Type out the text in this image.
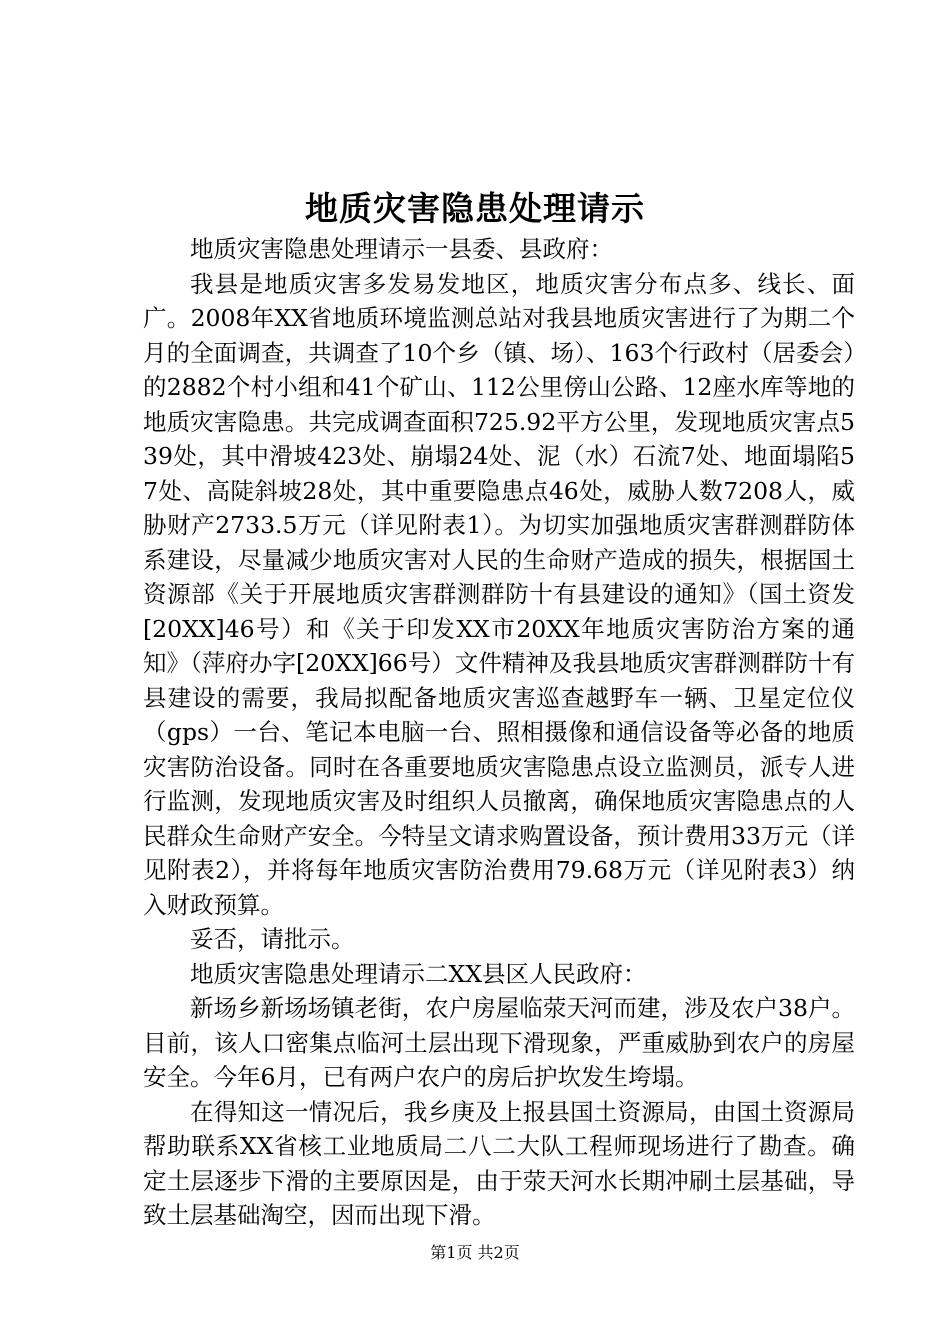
地质灾害隐患处理请示

地质灾害隐患处理请示一县委、县政府：

我县是地质灾害多发易发地区，地质灾害分布点多、线长、面广。2008年XX省地质环境监测总站对我县地质灾害进行了为期二个月的全面调查，共调查了10个乡（镇、场）、163个行政村（居委会）的2882个村小组和41个矿山、112公里傍山公路、12座水库等地的地质灾害隐患。共完成调查面积725.92平方公里，发现地质灾害点539处，其中滑坡423处、崩塌24处、泥（水）石流7处、地面塌陷57处、高陡斜坡28处，其中重要隐患点46处，威胁人数7208人，威胁财产2733.5万元（详见附表1）。为切实加强地质灾害群测群防体系建设，尽量减少地质灾害对人民的生命财产造成的损失，根据国土资源部《关于开展地质灾害群测群防十有县建设的通知》（国土资发[20XX]46号）和《关于印发XX市20XX年地质灾害防治方案的通知》（萍府办字[20XX]66号）文件精神及我县地质灾害群测群防十有县建设的需要，我局拟配备地质灾害巡查越野车一辆、卫星定位仪（gps）一台、笔记本电脑一台、照相摄像和通信设备等必备的地质灾害防治设备。同时在各重要地质灾害隐患点设立监测员，派专人进行监测，发现地质灾害及时组织人员撤离，确保地质灾害隐患点的人民群众生命财产安全。今特呈文请求购置设备，预计费用33万元（详见附表2），并将每年地质灾害防治费用79.68万元（详见附表3）纳入财政预算。

妥否，请批示。

地质灾害隐患处理请示二XX县区人民政府：

新场乡新场场镇老街，农户房屋临荥天河而建，涉及农户38户。目前，该人口密集点临河土层出现下滑现象，严重威胁到农户的房屋安全。今年6月，已有两户农户的房后护坎发生垮塌。

在得知这一情况后，我乡庚及上报县国土资源局，由国土资源局帮助联系XX省核工业地质局二八二大队工程师现场进行了勘查。确定土层逐步下滑的主要原因是，由于荥天河水长期冲刷土层基础，导致土层基础淘空，因而出现下滑。

第1页 共2页
